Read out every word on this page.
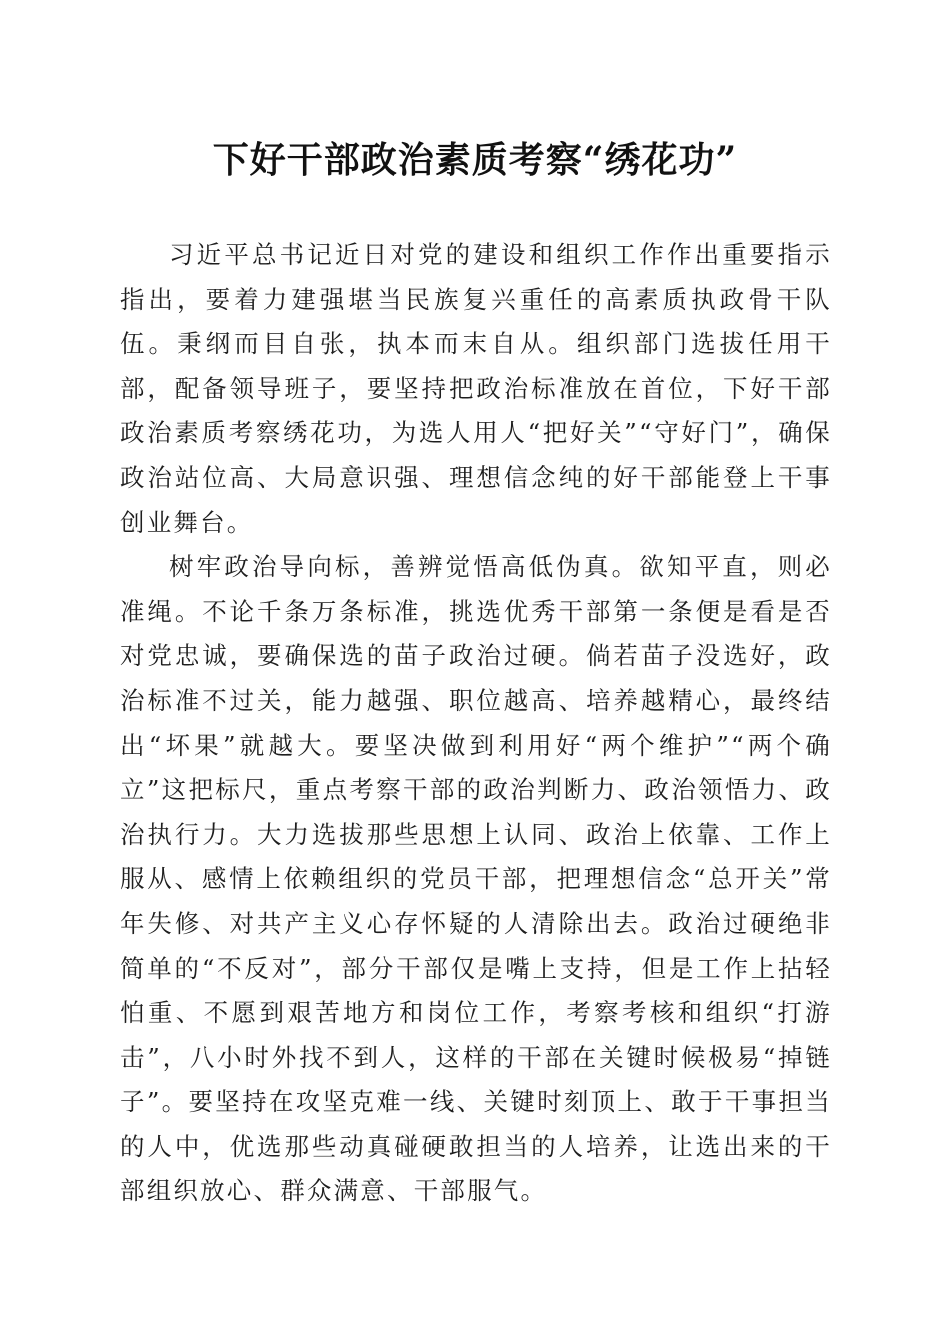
下好干部政治素质考察“绣花功”

习近平总书记近日对党的建设和组织工作作出重要指示指出，要着力建强堪当民族复兴重任的高素质执政骨干队伍。秉纲而目自张，执本而末自从。组织部门选拔任用干部，配备领导班子，要坚持把政治标准放在首位，下好干部政治素质考察绣花功，为选人用人“把好关”“守好门”，确保政治站位高、大局意识强、理想信念纯的好干部能登上干事创业舞台。

树牢政治导向标，善辨觉悟高低伪真。欲知平直，则必准绳。不论千条万条标准，挑选优秀干部第一条便是看是否对党忠诚，要确保选的苗子政治过硬。倘若苗子没选好，政治标准不过关，能力越强、职位越高、培养越精心，最终结出“坏果”就越大。要坚决做到利用好“两个维护”“两个确立”这把标尺，重点考察干部的政治判断力、政治领悟力、政治执行力。大力选拔那些思想上认同、政治上依靠、工作上服从、感情上依赖组织的党员干部，把理想信念“总开关”常年失修、对共产主义心存怀疑的人清除出去。政治过硬绝非简单的“不反对”，部分干部仅是嘴上支持，但是工作上拈轻怕重、不愿到艰苦地方和岗位工作，考察考核和组织“打游击”，八小时外找不到人，这样的干部在关键时候极易“掉链子”。要坚持在攻坚克难一线、关键时刻顶上、敢于干事担当的人中，优选那些动真碰硬敢担当的人培养，让选出来的干部组织放心、群众满意、干部服气。
